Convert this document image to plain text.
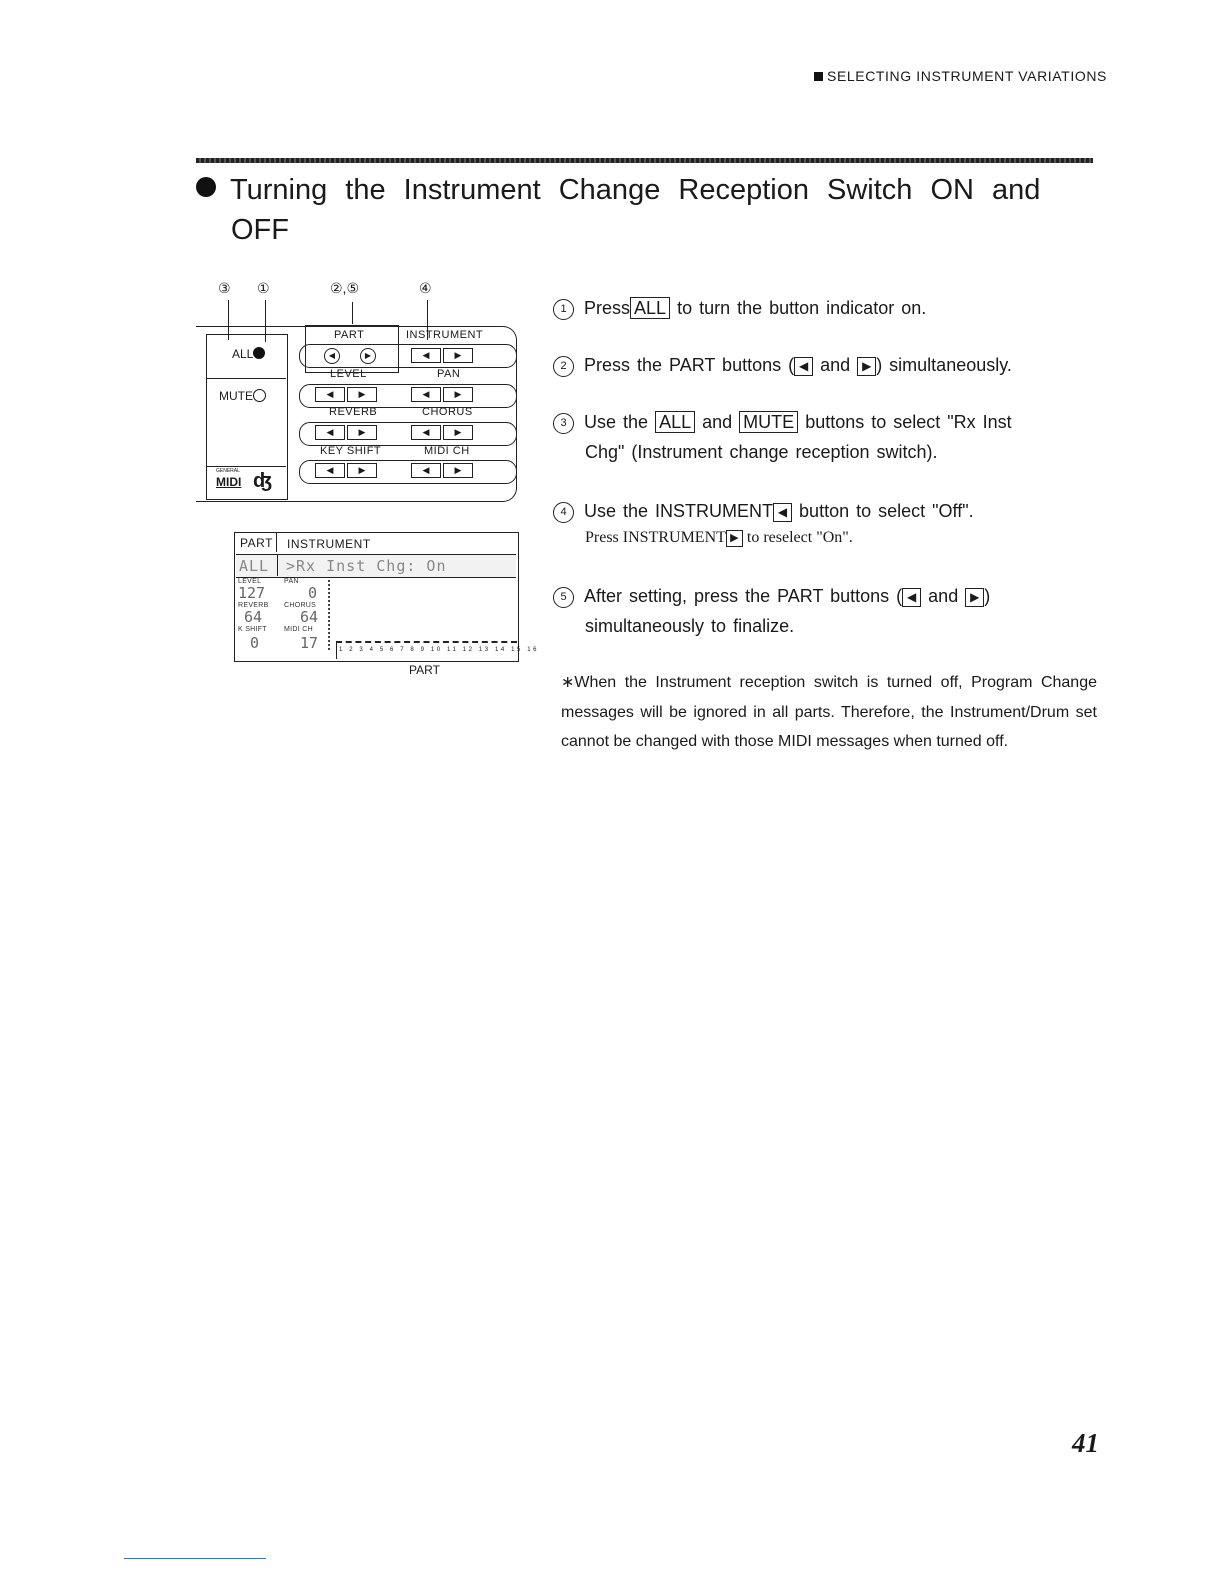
SELECTING INSTRUMENT VARIATIONS
Turning the Instrument Change Reception Switch ON and
OFF
③ ①	②,⑤	④
ALL
MUTE
GENERAL
MIDI ʤ
PART	INSTRUMENT
LEVEL	PAN
REVERB	CHORUS
KEY SHIFT	MIDI CH
◀	▶	◀	▶
◀	▶	◀	▶
◀	▶	◀	▶
◀	▶	◀	▶
PART INSTRUMENT
ALL >Rx Inst Chg: On
LEVEL	PAN
127	0
REVERB CHORUS
64	64
K SHIFT MIDI CH
0	17	1 2 3 4 5 6 7 8 9 10 11 12 13 14 15 16
PART
1 Press ALL to turn the button indicator on.
2 Press the PART buttons ( ◀ and ▶ ) simultaneously.
3 Use the ALL and MUTE buttons to select "Rx Inst
Chg" (Instrument change reception switch).
4 Use the INSTRUMENT ◀ button to select "Off".
Press INSTRUMENT ▶ to reselect "On".
5 After setting, press the PART buttons ( ◀ and ▶ )
simultaneously to finalize.
∗When the Instrument reception switch is turned off, Program Change messages will be ignored in all parts. Therefore, the Instrument/Drum set cannot be changed with those MIDI messages when turned off.
41
